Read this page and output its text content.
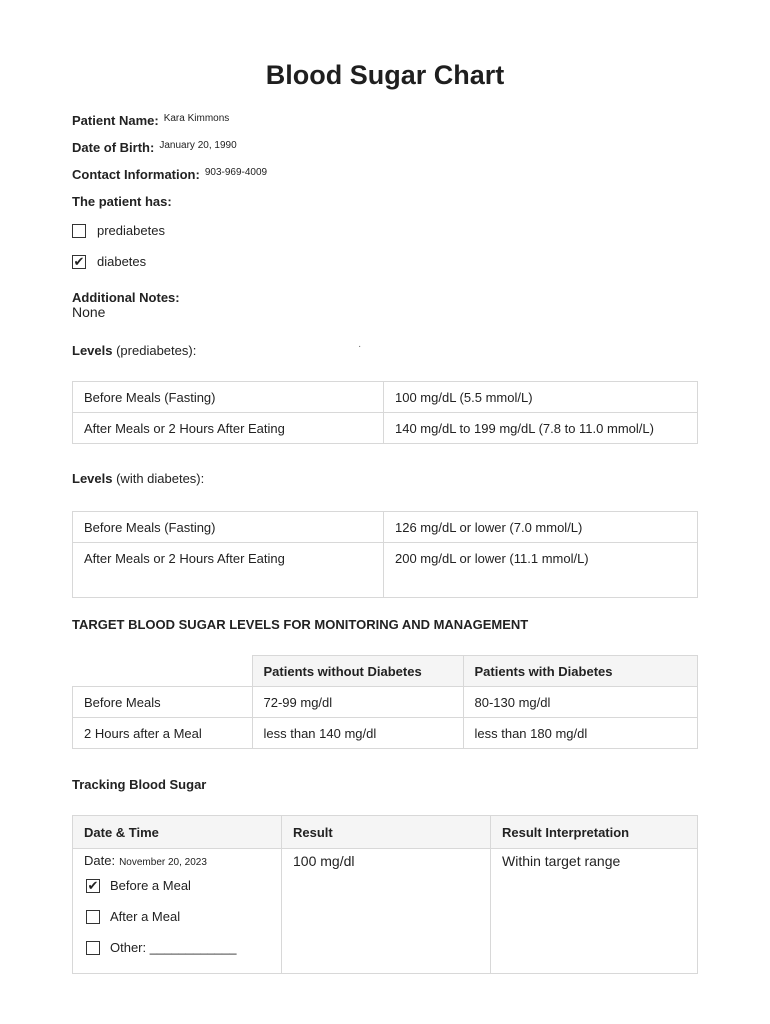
Blood Sugar Chart
Patient Name: $^{Kara Kimmons}$
Date of Birth: $^{January 20, 1990}$
Contact Information: $^{903-969-4009}$
The patient has:
prediabetes
✔ diabetes
Additional Notes:
None
Levels (prediabetes):	·
Before Meals (Fasting)	100 mg/dL (5.5 mmol/L)
After Meals or 2 Hours After Eating	140 mg/dL to 199 mg/dL (7.8 to 11.0 mmol/L)
Levels (with diabetes):
Before Meals (Fasting)	126 mg/dL or lower (7.0 mmol/L)
After Meals or 2 Hours After Eating	200 mg/dL or lower (11.1 mmol/L)
TARGET BLOOD SUGAR LEVELS FOR MONITORING AND MANAGEMENT
	Patients without Diabetes	Patients with Diabetes
Before Meals	72-99 mg/dl	80-130 mg/dl
2 Hours after a Meal	less than 140 mg/dl	less than 180 mg/dl
Tracking Blood Sugar
Date & Time	Result	Result Interpretation

Date: November 20, 2023
✔ Before a Meal
After a Meal
Other: ____________	100 mg/dl	Within target range
